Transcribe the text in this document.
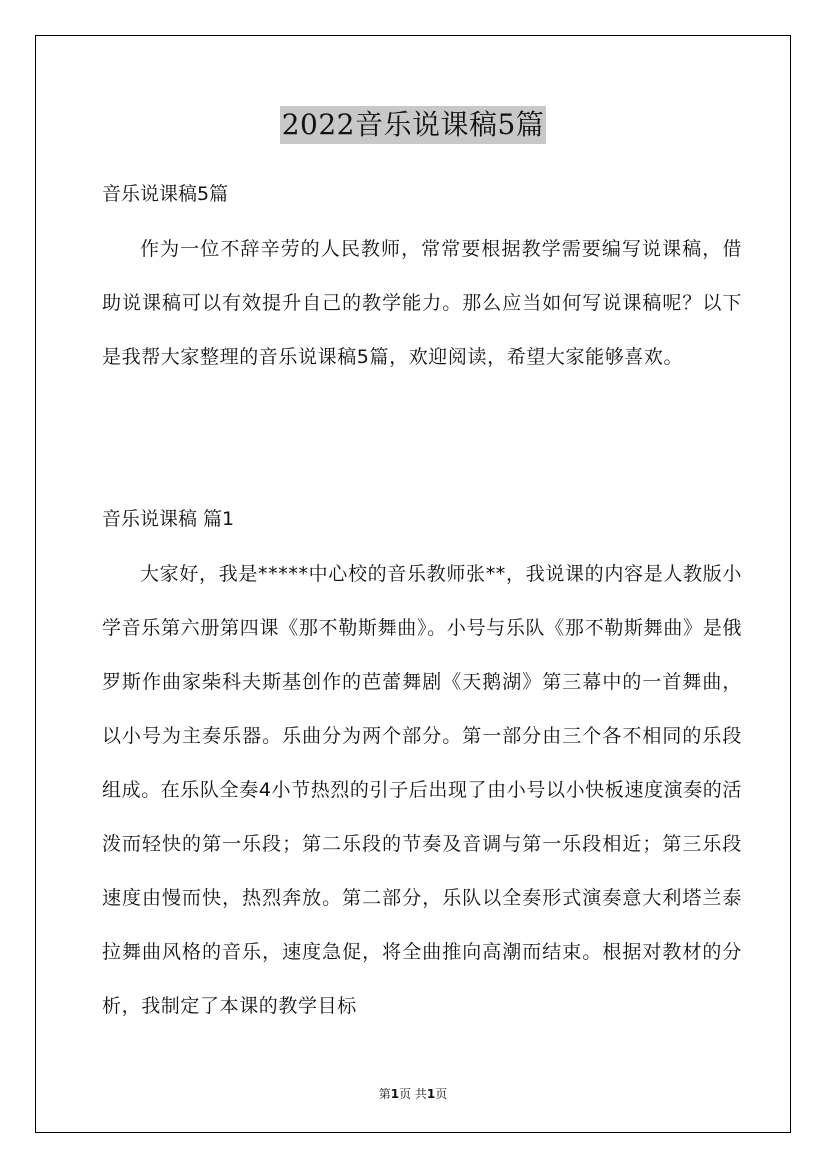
2022音乐说课稿5篇

音乐说课稿5篇

作为一位不辞辛劳的人民教师，常常要根据教学需要编写说课稿，借助说课稿可以有效提升自己的教学能力。那么应当如何写说课稿呢？以下是我帮大家整理的音乐说课稿5篇，欢迎阅读，希望大家能够喜欢。

音乐说课稿 篇1

大家好，我是*****中心校的音乐教师张**，我说课的内容是人教版小学音乐第六册第四课《那不勒斯舞曲》。小号与乐队《那不勒斯舞曲》是俄罗斯作曲家柴科夫斯基创作的芭蕾舞剧《天鹅湖》第三幕中的一首舞曲，以小号为主奏乐器。乐曲分为两个部分。第一部分由三个各不相同的乐段组成。在乐队全奏4小节热烈的引子后出现了由小号以小快板速度演奏的活泼而轻快的第一乐段；第二乐段的节奏及音调与第一乐段相近；第三乐段速度由慢而快，热烈奔放。第二部分，乐队以全奏形式演奏意大利塔兰泰拉舞曲风格的音乐，速度急促，将全曲推向高潮而结束。根据对教材的分析，我制定了本课的教学目标

第1页 共1页
